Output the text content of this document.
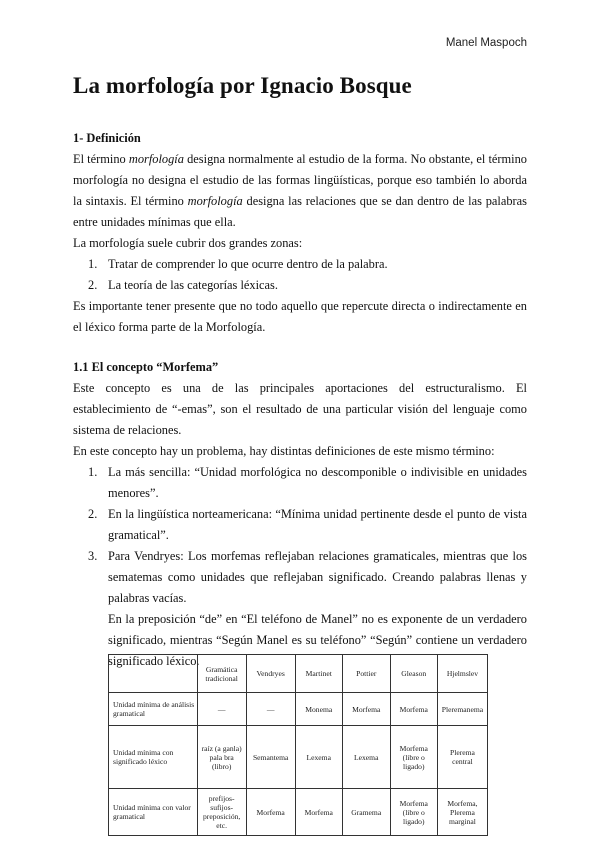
Manel Maspoch
La morfología por Ignacio Bosque
1- Definición

El término morfología designa normalmente al estudio de la forma. No obstante, el término morfología no designa el estudio de las formas lingüísticas, porque eso también lo aborda la sintaxis. El término morfología designa las relaciones que se dan dentro de las palabras entre unidades mínimas que ella.

La morfología suele cubrir dos grandes zonas:

1. Tratar de comprender lo que ocurre dentro de la palabra.
2. La teoría de las categorías léxicas.

Es importante tener presente que no todo aquello que repercute directa o indirectamente en el léxico forma parte de la Morfología.

1.1 El concepto “Morfema”

Este concepto es una de las principales aportaciones del estructuralismo. El establecimiento de “-emas”, son el resultado de una particular visión del lenguaje como sistema de relaciones.

En este concepto hay un problema, hay distintas definiciones de este mismo término:

1. La más sencilla: “Unidad morfológica no descomponible o indivisible en unidades menores”.
2. En la lingüística norteamericana: “Mínima unidad pertinente desde el punto de vista gramatical”.
3. Para Vendryes: Los morfemas reflejaban relaciones gramaticales, mientras que los sematemas como unidades que reflejaban significado. Creando palabras llenas y palabras vacías.

En la preposición “de” en “El teléfono de Manel” no es exponente de un verdadero significado, mientras “Según Manel es su teléfono” “Según” contiene un verdadero significado léxico.

	Gramática tradicional	Vendryes	Martinet	Pottier	Gleason	Hjelmslev
Unidad mínima de análisis gramatical	—	—	Monema	Morfema	Morfema	Pleremanema
Unidad mínima con significado léxico	raíz (a ganla) pala bra (libro)	Semantema	Lexema	Lexema	Morfema (libre o ligado)	Plerema central
Unidad mínima con valor gramatical	prefijos-sufijos-preposición, etc.	Morfema	Morfema	Gramema	Morfema (libre o ligado)	Morfema, Plerema marginal
